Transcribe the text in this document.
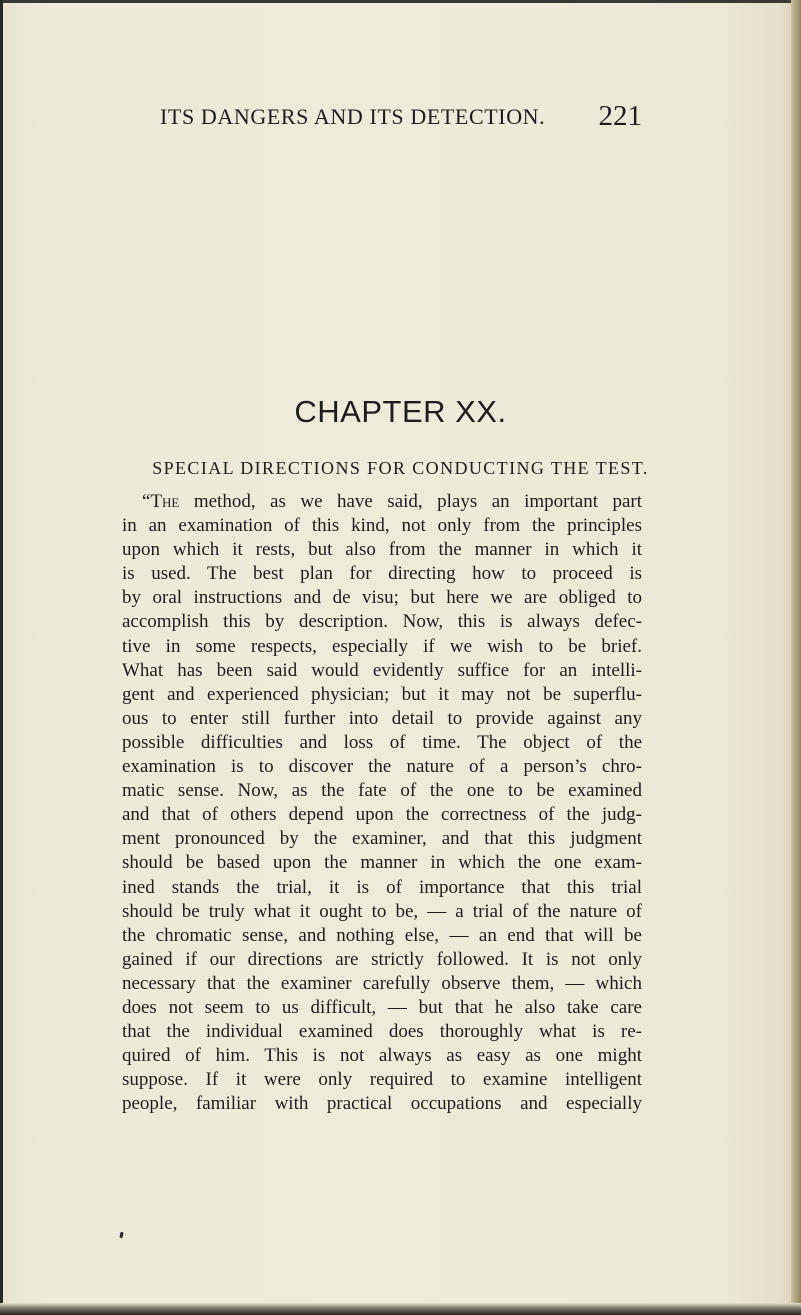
ITS DANGERS AND ITS DETECTION. 221
CHAPTER XX.
SPECIAL DIRECTIONS FOR CONDUCTING THE TEST.
“The method, as we have said, plays an important part
in an examination of this kind, not only from the principles
upon which it rests, but also from the manner in which it
is used. The best plan for directing how to proceed is
by oral instructions and de visu; but here we are obliged to
accomplish this by description. Now, this is always defec-
tive in some respects, especially if we wish to be brief.
What has been said would evidently suffice for an intelli-
gent and experienced physician; but it may not be superflu-
ous to enter still further into detail to provide against any
possible difficulties and loss of time. The object of the
examination is to discover the nature of a person’s chro-
matic sense. Now, as the fate of the one to be examined
and that of others depend upon the correctness of the judg-
ment pronounced by the examiner, and that this judgment
should be based upon the manner in which the one exam-
ined stands the trial, it is of importance that this trial
should be truly what it ought to be, — a trial of the nature of
the chromatic sense, and nothing else, — an end that will be
gained if our directions are strictly followed. It is not only
necessary that the examiner carefully observe them, — which
does not seem to us difficult, — but that he also take care
that the individual examined does thoroughly what is re-
quired of him. This is not always as easy as one might
suppose. If it were only required to examine intelligent
people, familiar with practical occupations and especially
